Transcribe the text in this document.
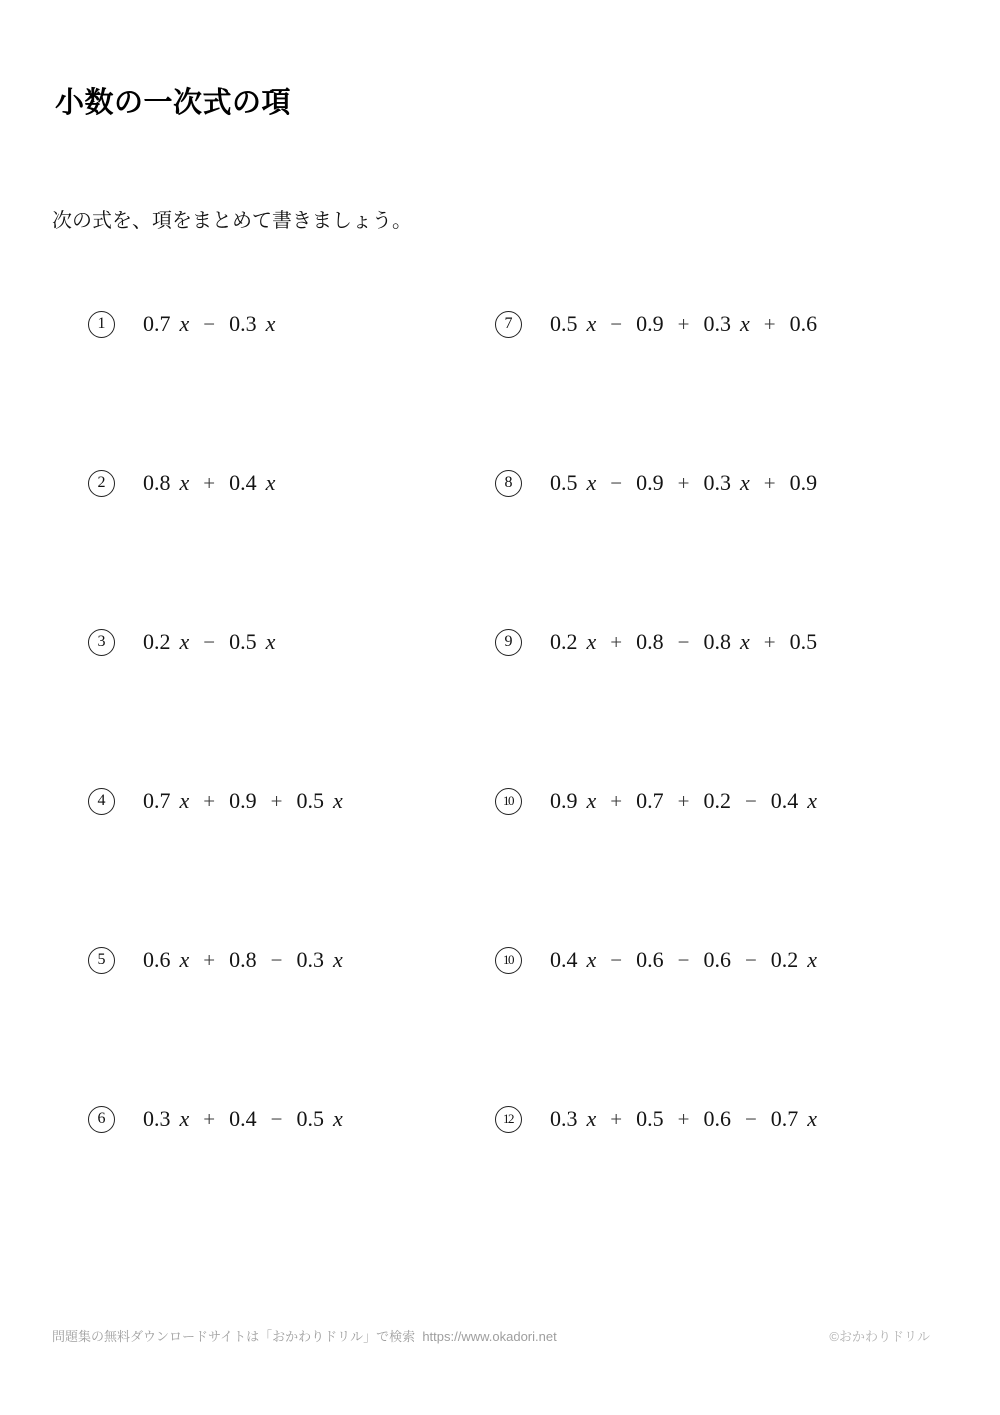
小数の一次式の項

次の式を、項をまとめて書きましょう。

1	0.7 x − 0.3 x
2	0.8 x + 0.4 x
3	0.2 x − 0.5 x
4	0.7 x + 0.9 + 0.5 x
5	0.6 x + 0.8 − 0.3 x
6	0.3 x + 0.4 − 0.5 x
7	0.5 x − 0.9 + 0.3 x + 0.6
8	0.5 x − 0.9 + 0.3 x + 0.9
9	0.2 x + 0.8 − 0.8 x + 0.5
10	0.9 x + 0.7 + 0.2 − 0.4 x
10	0.4 x − 0.6 − 0.6 − 0.2 x
12	0.3 x + 0.5 + 0.6 − 0.7 x
問題集の無料ダウンロードサイトは「おかわりドリル」で検索  https://www.okadori.net	©おかわりドリル
